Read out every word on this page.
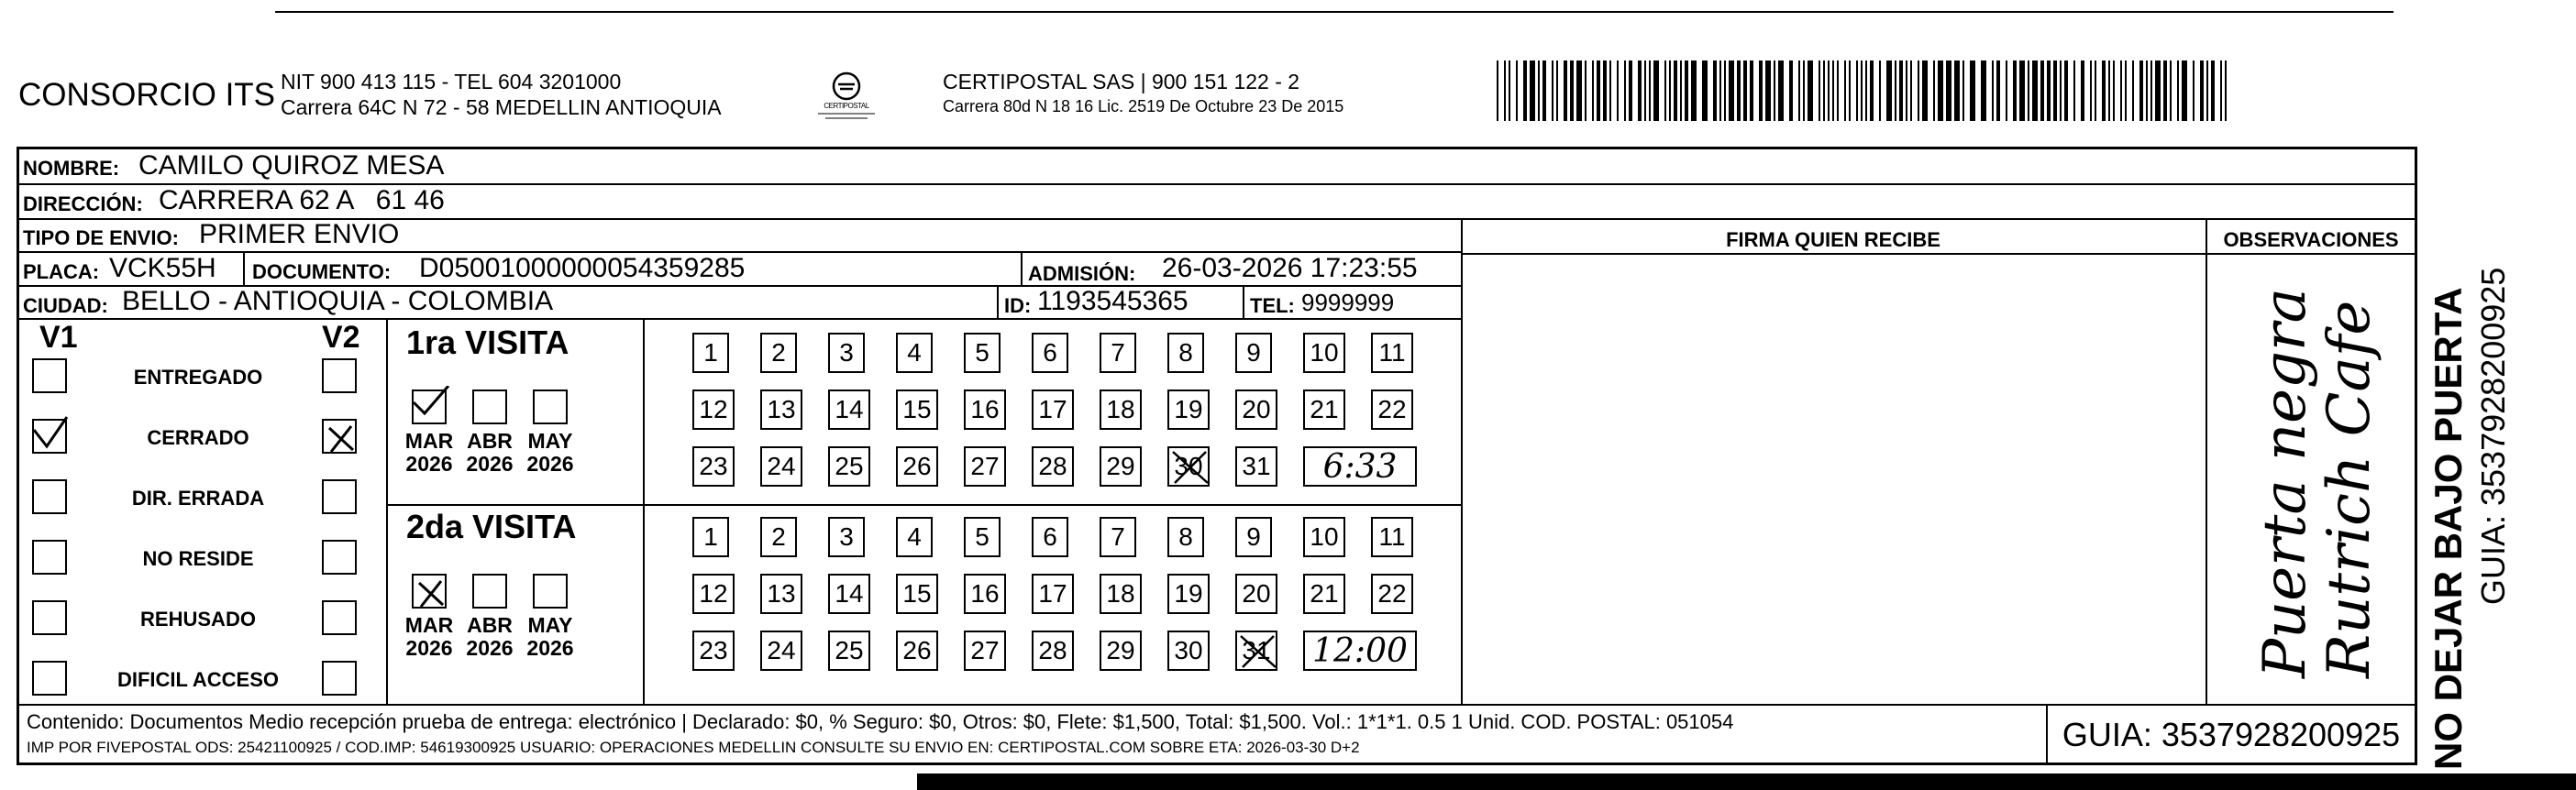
CONSORCIO ITS NIT 900 413 115 - TEL 604 3201000
Carrera 64C N 72 - 58 MEDELLIN ANTIOQUIA	CERTIPOSTAL
CERTIPOSTAL SAS | 900 151 122 - 2
Carrera 80d N 18 16 Lic. 2519 De Octubre 23 De 2015
NOMBRE: CAMILO QUIROZ MESA
DIRECCIÓN: CARRERA 62 A   61 46
TIPO DE ENVIO: PRIMER ENVIO
PLACA: VCK55H DOCUMENTO: D05001000000054359285	ADMISIÓN: 26-03-2026 17:23:55
CIUDAD: BELLO - ANTIOQUIA - COLOMBIA	ID: 1193545365	TEL: 9999999
FIRMA QUIEN RECIBE	OBSERVACIONES
V1	V2
ENTREGADO
CERRADO
DIR. ERRADA
NO RESIDE
REHUSADO
DIFICIL ACCESO
1ra VISITA
MAR
2026
ABR
2026
MAY
2026
1 2 3 4 5 6 7 8 9 10 11
12 13 14 15 16 17 18 19 20 21 22
23 24 25 26 27 28 29 30 31 6:33
2da VISITA
MAR
2026
ABR
2026
MAY
2026
1 2 3 4 5 6 7 8 9 10 11
12 13 14 15 16 17 18 19 20 21 22
23 24 25 26 27 28 29 30 31 12:00	Puerta negra
Rutrich Cafe
Contenido: Documentos Medio recepción prueba de entrega: electrónico | Declarado: $0, % Seguro: $0, Otros: $0, Flete: $1,500, Total: $1,500. Vol.: 1*1*1. 0.5 1 Unid. COD. POSTAL: 051054
IMP POR FIVEPOSTAL ODS: 25421100925 / COD.IMP: 54619300925 USUARIO: OPERACIONES MEDELLIN CONSULTE SU ENVIO EN: CERTIPOSTAL.COM SOBRE ETA: 2026-03-30 D+2	GUIA: 3537928200925 NO DEJAR BAJO PUERTA GUIA: 3537928200925
